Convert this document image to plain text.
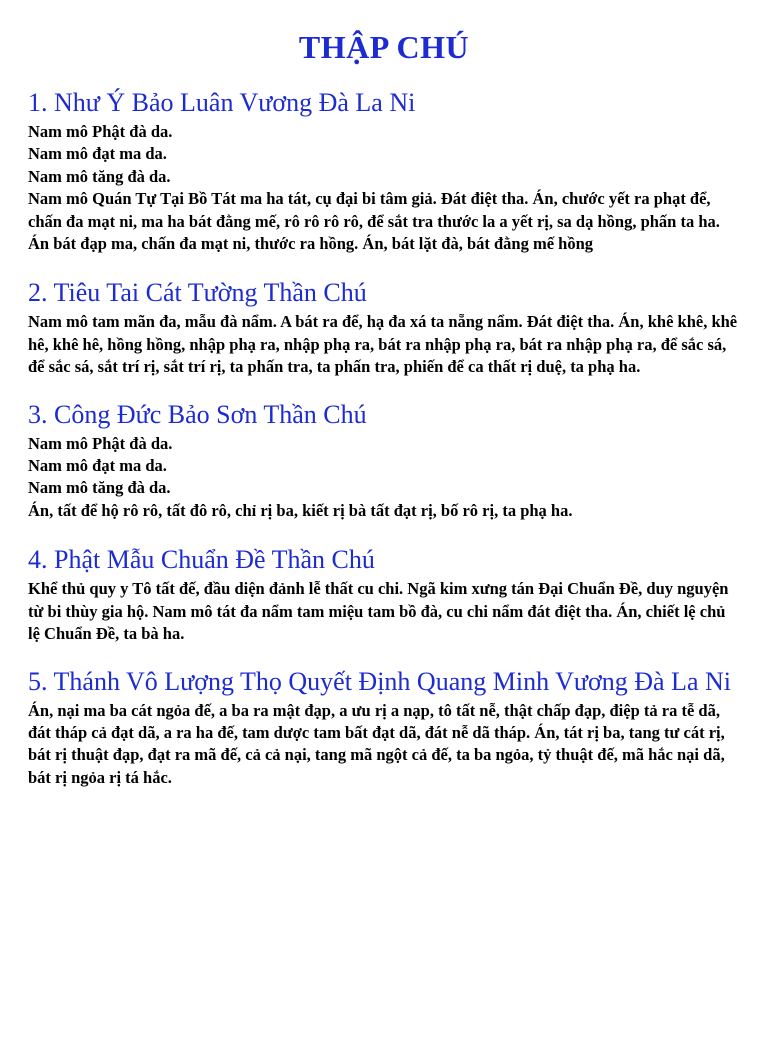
THẬP CHÚ
1. Như Ý Bảo Luân Vương Đà La Ni

Nam mô Phật đà da.

Nam mô đạt ma da.

Nam mô tăng đà da.

Nam mô Quán Tự Tại Bồ Tát ma ha tát, cụ đại bi tâm giả. Đát điệt tha. Án, chước yết ra phạt để, chấn đa mạt ni, ma ha bát đằng mế, rô rô rô rô, để sắt tra thước la a yết rị, sa dạ hồng, phấn ta ha. Án bát đạp ma, chấn đa mạt ni, thước ra hồng. Án, bát lặt đà, bát đằng mế hồng

2. Tiêu Tai Cát Tường Thần Chú

Nam mô tam mãn đa, mẫu đà nẩm. A bát ra để, hạ đa xá ta nẵng nẩm. Đát điệt tha. Án, khê khê, khê hê, khê hê, hồng hồng, nhập phạ ra, nhập phạ ra, bát ra nhập phạ ra, bát ra nhập phạ ra, để sắc sá, để sắc sá, sắt trí rị, sắt trí rị, ta phấn tra, ta phấn tra, phiến để ca thất rị duệ, ta phạ ha.

3. Công Đức Bảo Sơn Thần Chú

Nam mô Phật đà da.

Nam mô đạt ma da.

Nam mô tăng đà da.

Án, tất để hộ rô rô, tất đô rô, chỉ rị ba, kiết rị bà tất đạt rị, bố rô rị, ta phạ ha.

4. Phật Mẫu Chuẩn Đề Thần Chú

Khể thủ quy y Tô tất đế, đầu diện đảnh lễ thất cu chi. Ngã kim xưng tán Đại Chuẩn Đề, duy nguyện từ bi thùy gia hộ. Nam mô tát đa nẩm tam miệu tam bồ đà, cu chi nẩm đát điệt tha. Án, chiết lệ chủ lệ Chuẩn Đề, ta bà ha.

5. Thánh Vô Lượng Thọ Quyết Định Quang Minh Vương Đà La Ni

Án, nại ma ba cát ngỏa đế, a ba ra mật đạp, a ưu rị a nạp, tô tất nễ, thật chấp đạp, điệp tả ra tễ dã, đát tháp cả đạt dã, a ra ha đế, tam dược tam bất đạt dã, đát nễ dã tháp. Án, tát rị ba, tang tư cát rị, bát rị thuật đạp, đạt ra mã đế, cả cả nại, tang mã ngột cả đế, ta ba ngỏa, tỷ thuật đế, mã hắc nại dã, bát rị ngỏa rị tá hắc.
